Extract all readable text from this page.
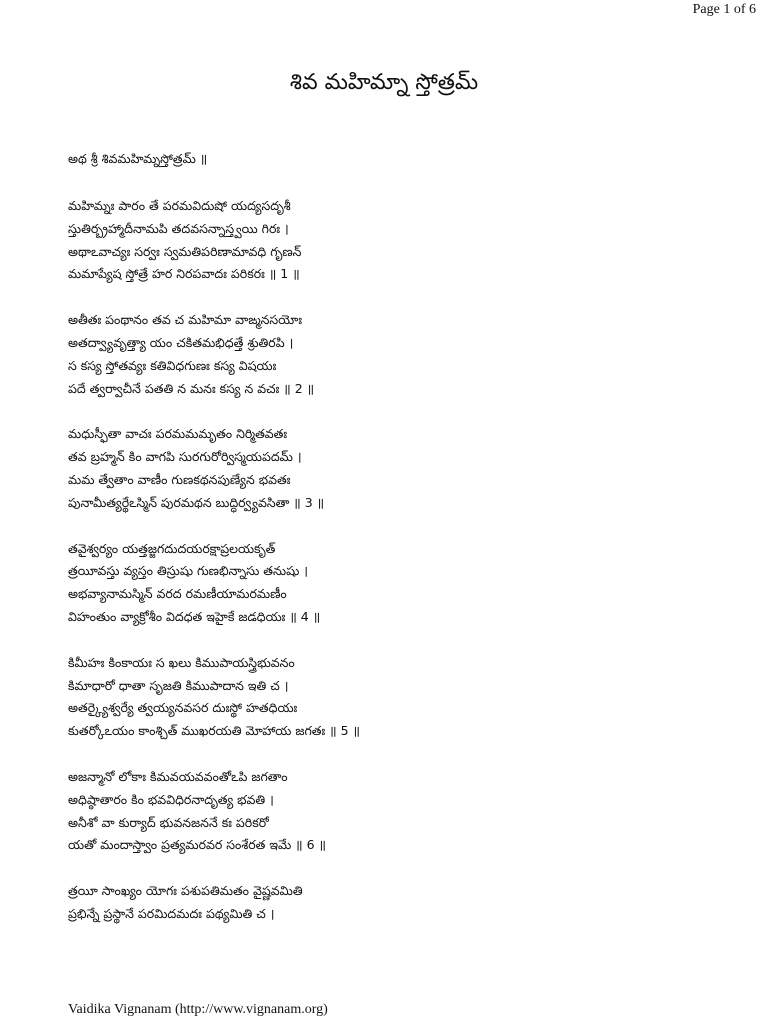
Page 1 of 6
శివ మహిమ్నా స్తోత్రమ్
అథ శ్రీ శివమహిమ్నస్తోత్రమ్ ॥
మహిమ్నః పారం తే పరమవిదుషో యద్యసదృశీ
స్తుతిర్బ్రహ్మాదీనామపి తదవసన్నాస్త్వయి గిరః ।
అథాఽవాచ్యః సర్వః స్వమతిపరిణామావధి గృణన్
మమాప్యేష స్తోత్రే హర నిరపవాదః పరికరః ॥ 1 ॥
అతీతః పంథానం తవ చ మహిమా వాఙ్మనసయోః
అతద్వ్యావృత్త్యా యం చకితమభిధత్తే శ్రుతిరపి ।
స కస్య స్తోతవ్యః కతివిధగుణః కస్య విషయః
పదే త్వర్వాచీనే పతతి న మనః కస్య న వచః ॥ 2 ॥
మధుస్ఫీతా వాచః పరమమమృతం నిర్మితవతః
తవ బ్రహ్మన్ కిం వాగపి సురగురోర్విస్మయపదమ్ ।
మమ త్వేతాం వాణీం గుణకథనపుణ్యేన భవతః
పునామీత్యర్థేఽస్మిన్ పురమథన బుద్ధిర్వ్యవసితా ॥ 3 ॥
తవైశ్వర్యం యత్తజ్జగదుదయరక్షాప్రలయకృత్
త్రయీవస్తు వ్యస్తం తిస్రుషు గుణభిన్నాసు తనుషు ।
అభవ్యానామస్మిన్ వరద రమణీయామరమణీం
విహంతుం వ్యాక్రోశీం విదధత ఇహైకే జడధియః ॥ 4 ॥
కిమీహః కింకాయః స ఖలు కిముపాయస్త్రిభువనం
కిమాధారో ధాతా సృజతి కిముపాదాన ఇతి చ ।
అతర్క్యైశ్వర్యే త్వయ్యనవసర దుఃస్థో హతధియః
కుతర్కోఽయం కాంశ్చిత్ ముఖరయతి మోహాయ జగతః ॥ 5 ॥
అజన్మానో లోకాః కిమవయవవంతోఽపి జగతాం
అధిష్ఠాతారం కిం భవవిధిరనాదృత్య భవతి ।
అనీశో వా కుర్యాద్ భువనజననే కః పరికరో
యతో మందాస్త్వాం ప్రత్యమరవర సంశేరత ఇమే ॥ 6 ॥
త్రయీ సాంఖ్యం యోగః పశుపతిమతం వైష్ణవమితి
ప్రభిన్నే ప్రస్థానే పరమిదమదః పథ్యమితి చ ।
Vaidika Vignanam (http://www.vignanam.org)
